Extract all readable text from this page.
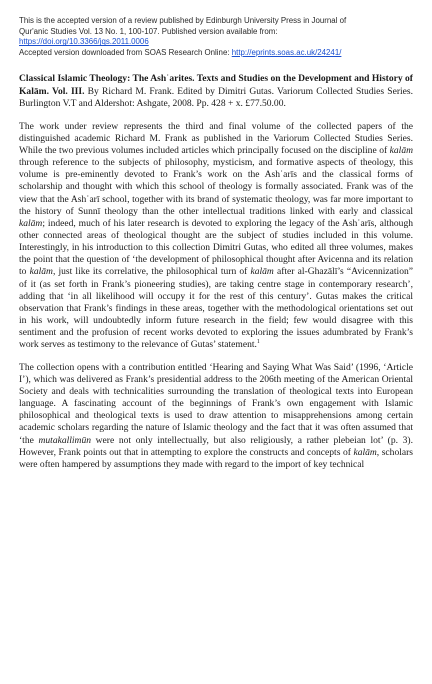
This is the accepted version of a review published by Edinburgh University Press in Journal of
Qur'anic Studies Vol. 13 No. 1, 100-107. Published version available from:
https://doi.org/10.3366/jqs.2011.0006
Accepted version downloaded from SOAS Research Online: http://eprints.soas.ac.uk/24241/
Classical Islamic Theology: The Ashʿarites. Texts and Studies on the Development and History of Kalām. Vol. III. By Richard M. Frank. Edited by Dimitri Gutas. Variorum Collected Studies Series. Burlington V.T and Aldershot: Ashgate, 2008. Pp. 428 + x. £77.50.00.

The work under review represents the third and final volume of the collected papers of the distinguished academic Richard M. Frank as published in the Variorum Collected Studies Series. While the two previous volumes included articles which principally focused on the discipline of kalām through reference to the subjects of philosophy, mysticism, and formative aspects of theology, this volume is pre-eminently devoted to Frank’s work on the Ashʿarīs and the classical forms of scholarship and thought with which this school of theology is formally associated. Frank was of the view that the Ashʿarī school, together with its brand of systematic theology, was far more important to the history of Sunnī theology than the other intellectual traditions linked with early and classical kalām; indeed, much of his later research is devoted to exploring the legacy of the Ashʿarīs, although other connected areas of theological thought are the subject of studies included in this volume. Interestingly, in his introduction to this collection Dimitri Gutas, who edited all three volumes, makes the point that the question of ‘the development of philosophical thought after Avicenna and its relation to kalām, just like its correlative, the philosophical turn of kalām after al-Ghazālī’s “Avicennization” of it (as set forth in Frank’s pioneering studies), are taking centre stage in contemporary research’, adding that ‘in all likelihood will occupy it for the rest of this century’. Gutas makes the critical observation that Frank’s findings in these areas, together with the methodological orientations set out in his work, will undoubtedly inform future research in the field; few would disagree with this sentiment and the profusion of recent works devoted to exploring the issues adumbrated by Frank’s work serves as testimony to the relevance of Gutas’ statement.$^1$

The collection opens with a contribution entitled ‘Hearing and Saying What Was Said’ (1996, ‘Article I’), which was delivered as Frank’s presidential address to the 206th meeting of the American Oriental Society and deals with technicalities surrounding the translation of theological texts into European language. A fascinating account of the beginnings of Frank’s own engagement with Islamic philosophical and theological texts is used to draw attention to misapprehensions among certain academic scholars regarding the nature of Islamic theology and the fact that it was often assumed that ‘the mutakallimūn were not only intellectually, but also religiously, a rather plebeian lot’ (p. 3). However, Frank points out that in attempting to explore the constructs and concepts of kalām, scholars were often hampered by assumptions they made with regard to the import of key technical
